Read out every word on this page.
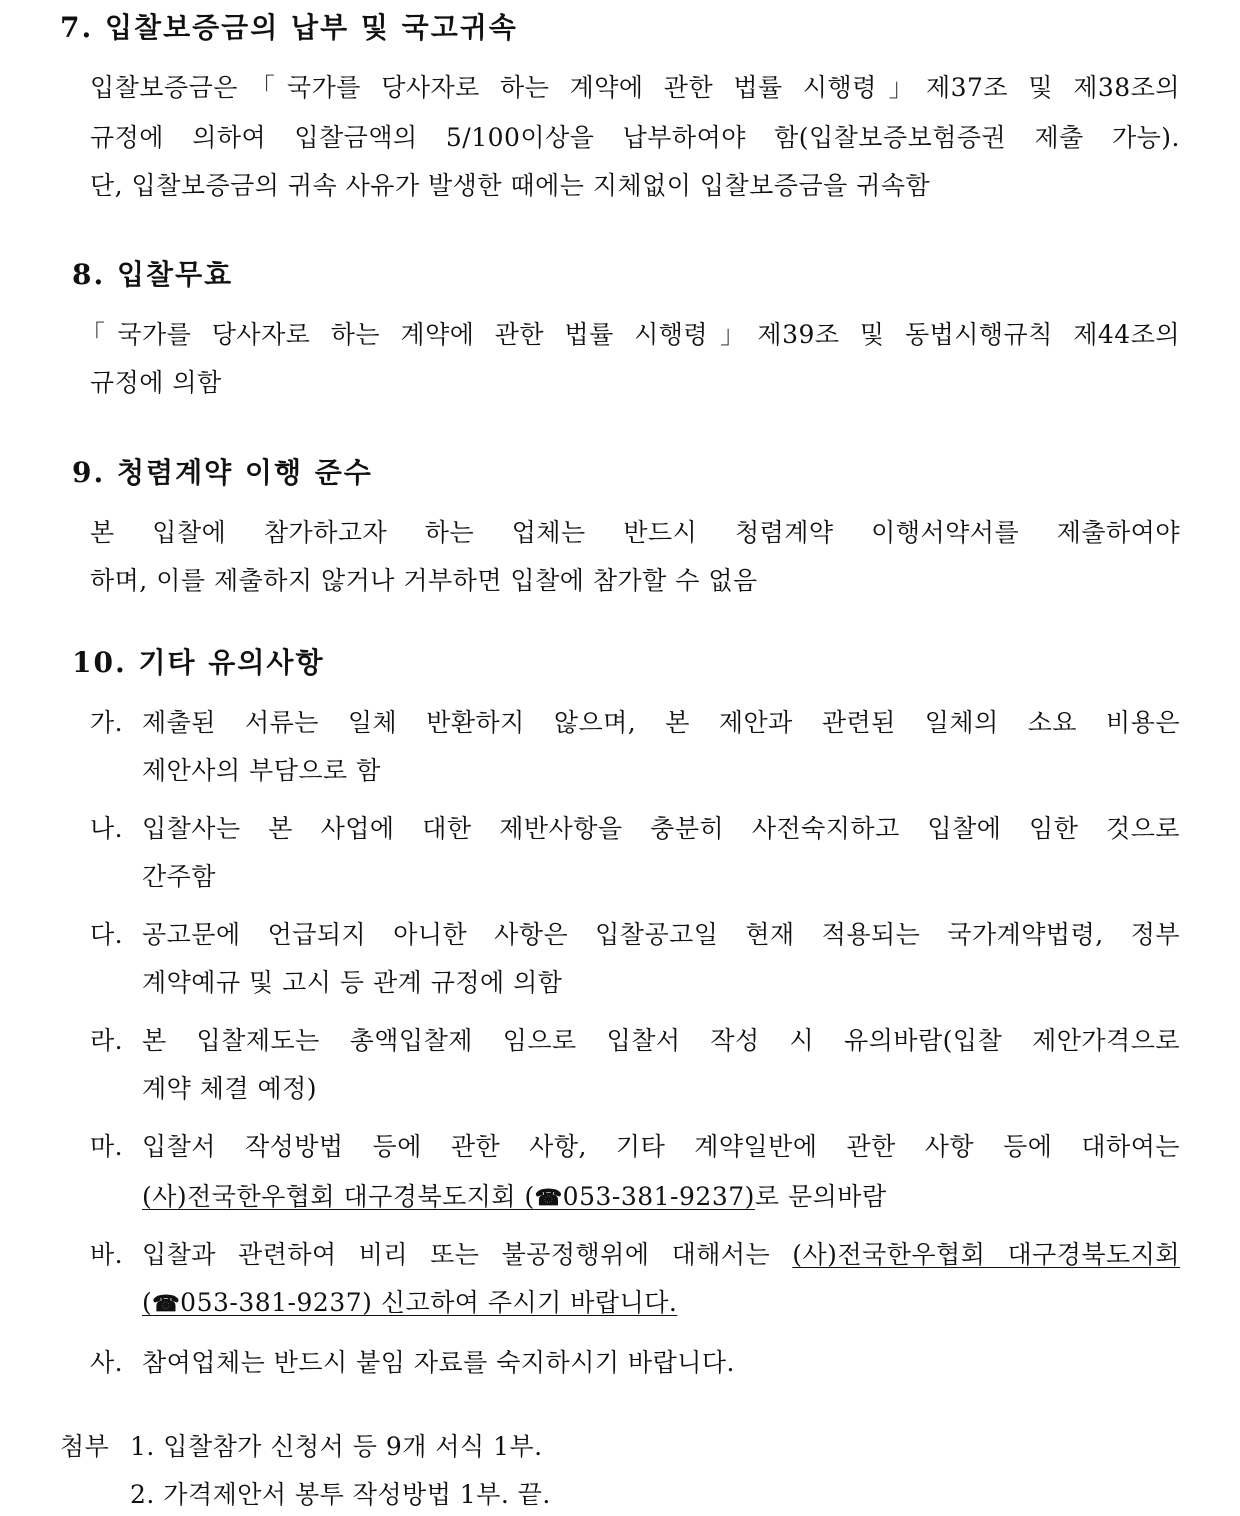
7. 입찰보증금의 납부 및 국고귀속
입찰보증금은「국가를 당사자로 하는 계약에 관한 법률 시행령」제37조 및 제38조의
규정에 의하여 입찰금액의 5/100이상을 납부하여야 함(입찰보증보험증권 제출 가능).
단, 입찰보증금의 귀속 사유가 발생한 때에는 지체없이 입찰보증금을 귀속함
8. 입찰무효
「국가를 당사자로 하는 계약에 관한 법률 시행령」제39조 및 동법시행규칙 제44조의
규정에 의함
9. 청렴계약 이행 준수
본 입찰에 참가하고자 하는 업체는 반드시 청렴계약 이행서약서를 제출하여야
하며, 이를 제출하지 않거나 거부하면 입찰에 참가할 수 없음
10. 기타 유의사항
가. 제출된 서류는 일체 반환하지 않으며, 본 제안과 관련된 일체의 소요 비용은
제안사의 부담으로 함
나. 입찰사는 본 사업에 대한 제반사항을 충분히 사전숙지하고 입찰에 임한 것으로
간주함
다. 공고문에 언급되지 아니한 사항은 입찰공고일 현재 적용되는 국가계약법령, 정부
계약예규 및 고시 등 관계 규정에 의함
라. 본 입찰제도는 총액입찰제 임으로 입찰서 작성 시 유의바람(입찰 제안가격으로
계약 체결 예정)
마. 입찰서 작성방법 등에 관한 사항, 기타 계약일반에 관한 사항 등에 대하여는
(사)전국한우협회 대구경북도지회 (☎053-381-9237)로 문의바람
바. 입찰과 관련하여 비리 또는 불공정행위에 대해서는 (사)전국한우협회 대구경북도지회
(☎053-381-9237) 신고하여 주시기 바랍니다.
사. 참여업체는 반드시 붙임 자료를 숙지하시기 바랍니다.
첨부 1. 입찰참가 신청서 등 9개 서식 1부.
2. 가격제안서 봉투 작성방법 1부. 끝.
